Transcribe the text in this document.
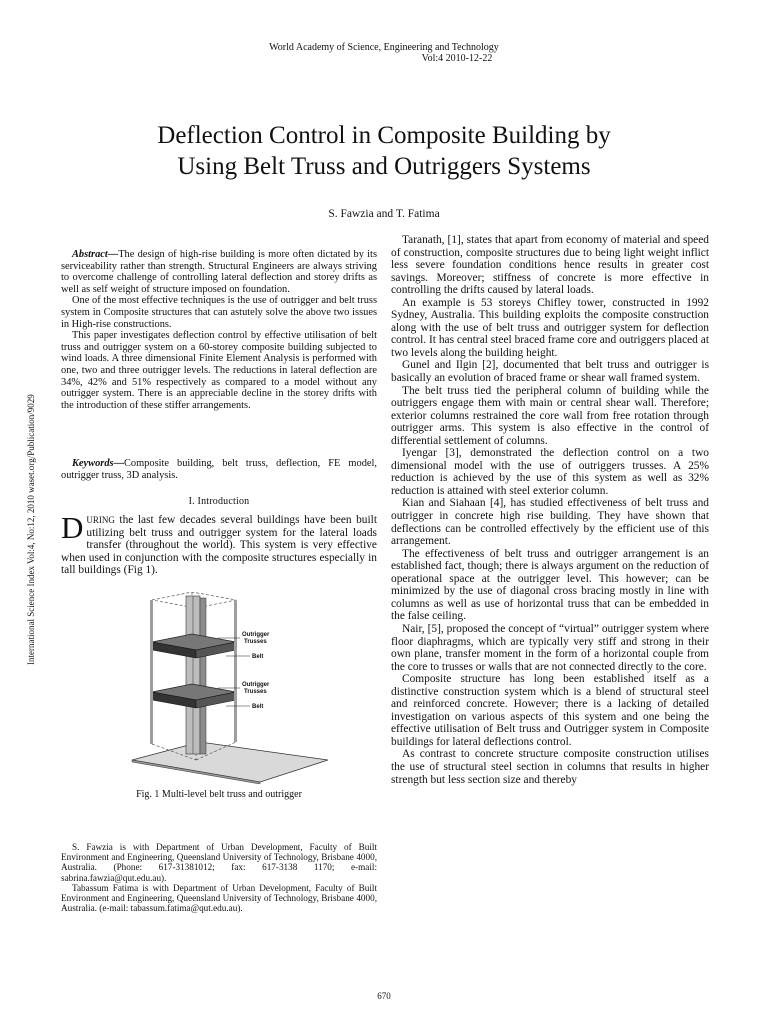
World Academy of Science, Engineering and Technology
Vol:4 2010-12-22
Deflection Control in Composite Building by
Using Belt Truss and Outriggers Systems
S. Fawzia and T. Fatima
International Science Index Vol:4, No:12, 2010 waset.org/Publication/9029

Abstract—The design of high-rise building is more often dictated by its serviceability rather than strength. Structural Engineers are always striving to overcome challenge of controlling lateral deflection and storey drifts as well as self weight of structure imposed on foundation.

One of the most effective techniques is the use of outrigger and belt truss system in Composite structures that can astutely solve the above two issues in High-rise constructions.

This paper investigates deflection control by effective utilisation of belt truss and outrigger system on a 60-storey composite building subjected to wind loads. A three dimensional Finite Element Analysis is performed with one, two and three outrigger levels. The reductions in lateral deflection are 34%, 42% and 51% respectively as compared to a model without any outrigger system. There is an appreciable decline in the storey drifts with the introduction of these stiffer arrangements.

Keywords—Composite building, belt truss, deflection, FE model, outrigger truss, 3D analysis.

I. Introduction

DURING the last few decades several buildings have been built utilizing belt truss and outrigger system for the lateral loads transfer (throughout the world). This system is very effective when used in conjunction with the composite structures especially in tall buildings (Fig 1).

Outrigger
Trusses
Belt
Outrigger
Trusses
Belt
Fig. 1 Multi-level belt truss and outrigger

S. Fawzia is with Department of Urban Development, Faculty of Built Environment and Engineering, Queensland University of Technology, Brisbane 4000, Australia. (Phone: 617-31381012; fax: 617-3138 1170; e-mail: sabrina.fawzia@qut.edu.au).

Tabassum Fatima is with Department of Urban Development, Faculty of Built Environment and Engineering, Queensland University of Technology, Brisbane 4000, Australia. (e-mail: tabassum.fatima@qut.edu.au).

Taranath, [1], states that apart from economy of material and speed of construction, composite structures due to being light weight inflict less severe foundation conditions hence results in greater cost savings. Moreover; stiffness of concrete is more effective in controlling the drifts caused by lateral loads.

An example is 53 storeys Chifley tower, constructed in 1992 Sydney, Australia. This building exploits the composite construction along with the use of belt truss and outrigger system for deflection control. It has central steel braced frame core and outriggers placed at two levels along the building height.

Gunel and Ilgin [2], documented that belt truss and outrigger is basically an evolution of braced frame or shear wall framed system.

The belt truss tied the peripheral column of building while the outriggers engage them with main or central shear wall. Therefore; exterior columns restrained the core wall from free rotation through outrigger arms. This system is also effective in the control of differential settlement of columns.

Iyengar [3], demonstrated the deflection control on a two dimensional model with the use of outriggers trusses. A 25% reduction is achieved by the use of this system as well as 32% reduction is attained with steel exterior column.

Kian and Siahaan [4], has studied effectiveness of belt truss and outrigger in concrete high rise building. They have shown that deflections can be controlled effectively by the efficient use of this arrangement.

The effectiveness of belt truss and outrigger arrangement is an established fact, though; there is always argument on the reduction of operational space at the outrigger level. This however; can be minimized by the use of diagonal cross bracing mostly in line with columns as well as use of horizontal truss that can be embedded in the false ceiling.

Nair, [5], proposed the concept of “virtual” outrigger system where floor diaphragms, which are typically very stiff and strong in their own plane, transfer moment in the form of a horizontal couple from the core to trusses or walls that are not connected directly to the core.

Composite structure has long been established itself as a distinctive construction system which is a blend of structural steel and reinforced concrete. However; there is a lacking of detailed investigation on various aspects of this system and one being the effective utilisation of Belt truss and Outrigger system in Composite buildings for lateral deflections control.

As contrast to concrete structure composite construction utilises the use of structural steel section in columns that results in higher strength but less section size and thereby

670
